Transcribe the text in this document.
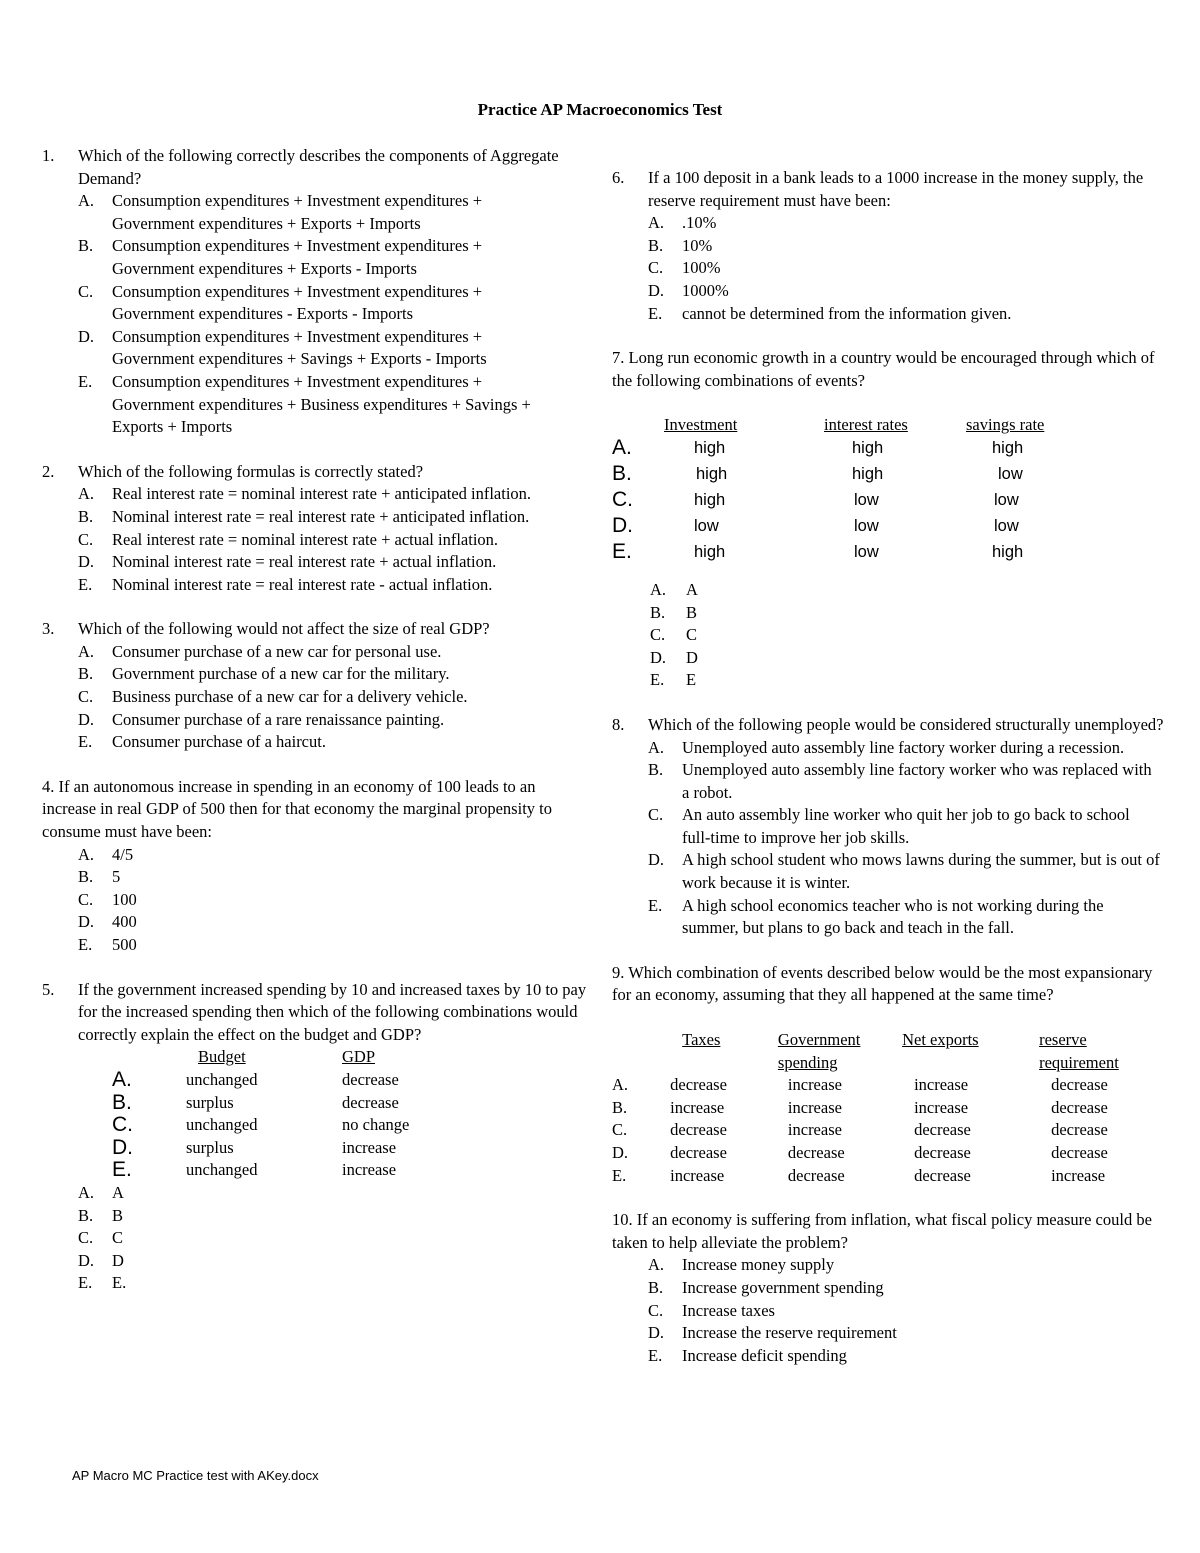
Practice AP Macroeconomics Test
1.	Which of the following correctly describes the components of Aggregate Demand?
A. Consumption expenditures + Investment expenditures + Government expenditures + Exports + Imports
B. Consumption expenditures + Investment expenditures + Government expenditures + Exports - Imports
C. Consumption expenditures + Investment expenditures + Government expenditures - Exports - Imports
D. Consumption expenditures + Investment expenditures + Government expenditures + Savings + Exports - Imports
E. Consumption expenditures + Investment expenditures + Government expenditures + Business expenditures + Savings + Exports + Imports
2.	Which of the following formulas is correctly stated?
A. Real interest rate = nominal interest rate + anticipated inflation.
B. Nominal interest rate = real interest rate + anticipated inflation.
C. Real interest rate = nominal interest rate + actual inflation.
D. Nominal interest rate = real interest rate + actual inflation.
E. Nominal interest rate = real interest rate - actual inflation.
3.	Which of the following would not affect the size of real GDP?
A. Consumer purchase of a new car for personal use.
B. Government purchase of a new car for the military.
C. Business purchase of a new car for a delivery vehicle.
D. Consumer purchase of a rare renaissance painting.
E. Consumer purchase of a haircut.
4. If an autonomous increase in spending in an economy of 100 leads to an increase in real GDP of 500 then for that economy the marginal propensity to consume must have been:
A. 4/5
B. 5
C. 100
D. 400
E. 500
5.	If the government increased spending by 10 and increased taxes by 10 to pay for the increased spending then which of the following combinations would correctly explain the effect on the budget and GDP?
	Budget	GDP
A.	unchanged	decrease
B.	surplus	decrease
C.	unchanged	no change
D.	surplus	increase
E.	unchanged	increase
A. A
B. B
C. C
D. D
E. E.
6.	If a 100 deposit in a bank leads to a 1000 increase in the money supply, the reserve requirement must have been:
A. .10%
B. 10%
C. 100%
D. 1000%
E. cannot be determined from the information given.
7. Long run economic growth in a country would be encouraged through which of the following combinations of events?
	Investment	interest rates	savings rate
A.	high	high	high
B.	high	high	low
C.	high	low	low
D.	low	low	low
E.	high	low	high
A. A
B. B
C. C
D. D
E. E
8.	Which of the following people would be considered structurally unemployed?
A. Unemployed auto assembly line factory worker during a recession.
B. Unemployed auto assembly line factory worker who was replaced with a robot.
C. An auto assembly line worker who quit her job to go back to school full-time to improve her job skills.
D. A high school student who mows lawns during the summer, but is out of work because it is winter.
E. A high school economics teacher who is not working during the summer, but plans to go back and teach in the fall.
9. Which combination of events described below would be the most expansionary for an economy, assuming that they all happened at the same time?
	Taxes	Government spending	Net exports	reserve requirement
A.	decrease	increase	increase	decrease
B.	increase	increase	increase	decrease
C.	decrease	increase	decrease	decrease
D.	decrease	decrease	decrease	decrease
E.	increase	decrease	decrease	increase
10. If an economy is suffering from inflation, what fiscal policy measure could be taken to help alleviate the problem?
A. Increase money supply
B. Increase government spending
C. Increase taxes
D. Increase the reserve requirement
E. Increase deficit spending
AP Macro MC Practice test with AKey.docx
